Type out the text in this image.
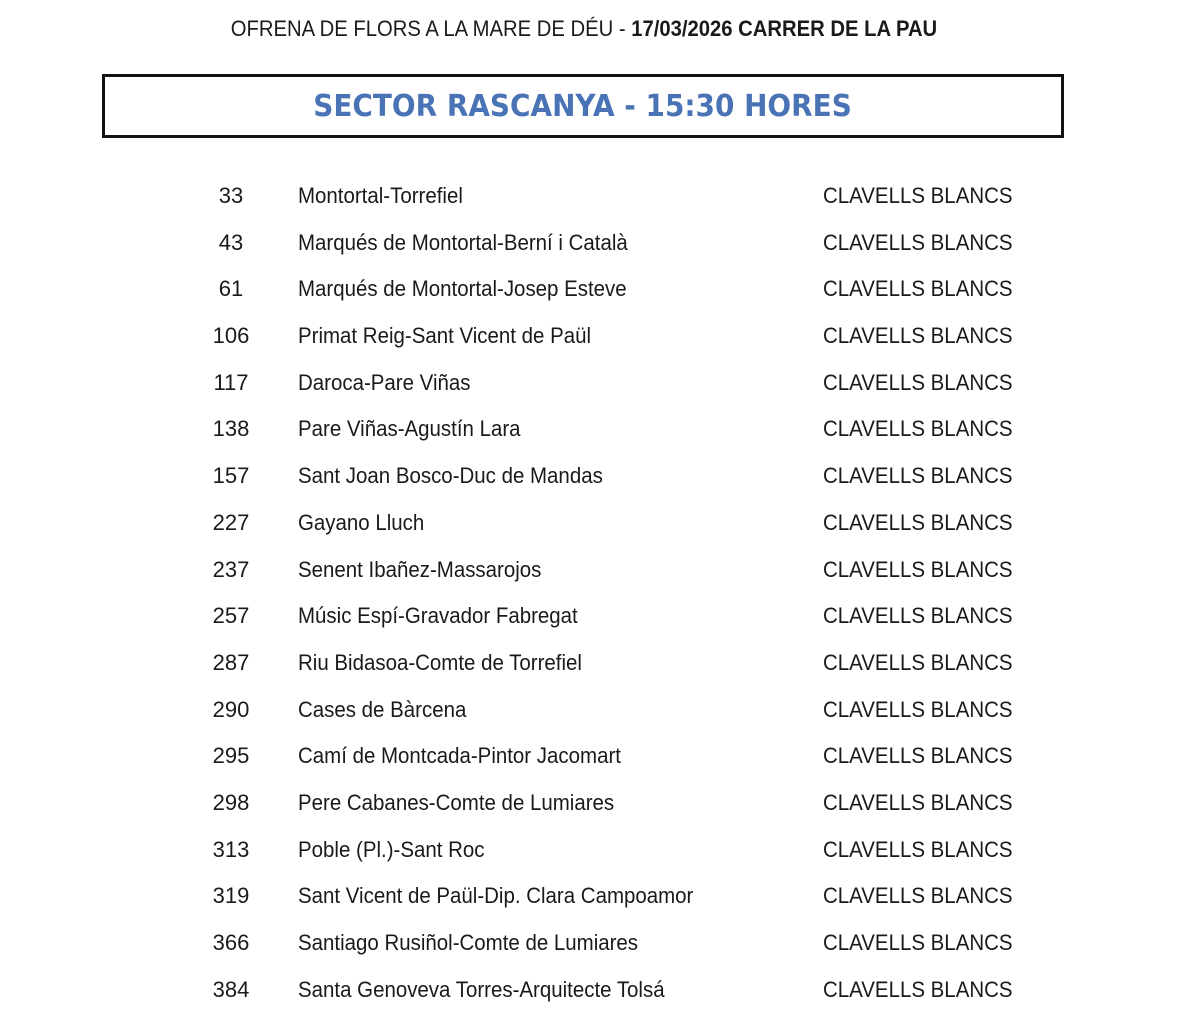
OFRENA DE FLORS A LA MARE DE DÉU - 17/03/2026 CARRER DE LA PAU
SECTOR RASCANYA - 15:30 HORES
33	Montortal-Torrefiel	CLAVELLS BLANCS
43	Marqués de Montortal-Berní i Català	CLAVELLS BLANCS
61	Marqués de Montortal-Josep Esteve	CLAVELLS BLANCS
106	Primat Reig-Sant Vicent de Paül	CLAVELLS BLANCS
117	Daroca-Pare Viñas	CLAVELLS BLANCS
138	Pare Viñas-Agustín Lara	CLAVELLS BLANCS
157	Sant Joan Bosco-Duc de Mandas	CLAVELLS BLANCS
227	Gayano Lluch	CLAVELLS BLANCS
237	Senent Ibañez-Massarojos	CLAVELLS BLANCS
257	Músic Espí-Gravador Fabregat	CLAVELLS BLANCS
287	Riu Bidasoa-Comte de Torrefiel	CLAVELLS BLANCS
290	Cases de Bàrcena	CLAVELLS BLANCS
295	Camí de Montcada-Pintor Jacomart	CLAVELLS BLANCS
298	Pere Cabanes-Comte de Lumiares	CLAVELLS BLANCS
313	Poble (Pl.)-Sant Roc	CLAVELLS BLANCS
319	Sant Vicent de Paül-Dip. Clara Campoamor	CLAVELLS BLANCS
366	Santiago Rusiñol-Comte de Lumiares	CLAVELLS BLANCS
384	Santa Genoveva Torres-Arquitecte Tolsá	CLAVELLS BLANCS
